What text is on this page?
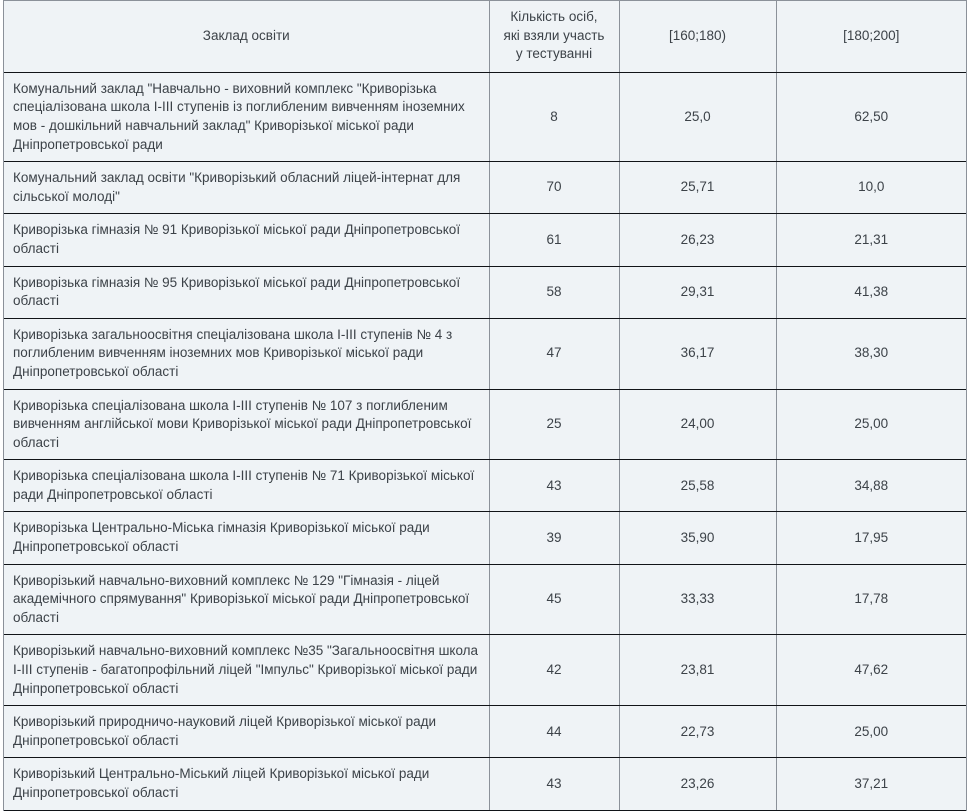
Заклад освіти	Кількість осіб,
які взяли участь
у тестуванні	[160;180)	[180;200]
Комунальний заклад "Навчально - виховний комплекс "Криворізька спеціалізована школа I-III ступенів із поглибленим вивченням іноземних мов - дошкільний навчальний заклад" Криворізької міської ради Дніпропетровської ради	8	25,0	62,50
Комунальний заклад освіти "Криворізький обласний ліцей-інтернат для сільської молоді"	70	25,71	10,0
Криворізька гімназія № 91 Криворізької міської ради Дніпропетровської області	61	26,23	21,31
Криворізька гімназія № 95 Криворізької міської ради Дніпропетровської області	58	29,31	41,38
Криворізька загальноосвітня спеціалізована школа I-III ступенів № 4 з поглибленим вивченням іноземних мов Криворізької міської ради Дніпропетровської області	47	36,17	38,30
Криворізька спеціалізована школа I-III ступенів № 107 з поглибленим вивченням англійської мови Криворізької міської ради Дніпропетровської області	25	24,00	25,00
Криворізька спеціалізована школа I-III ступенів № 71 Криворізької міської ради Дніпропетровської області	43	25,58	34,88
Криворізька Центрально-Міська гімназія Криворізької міської ради Дніпропетровської області	39	35,90	17,95
Криворізький навчально-виховний комплекс № 129 "Гімназія - ліцей академічного спрямування" Криворізької міської ради Дніпропетровської області	45	33,33	17,78
Криворізький навчально-виховний комплекс №35 "Загальноосвітня школа I-III ступенів - багатопрофільний ліцей "Імпульс" Криворізької міської ради Дніпропетровської області	42	23,81	47,62
Криворізький природничо-науковий ліцей Криворізької міської ради Дніпропетровської області	44	22,73	25,00
Криворізький Центрально-Міський ліцей Криворізької міської ради Дніпропетровської області	43	23,26	37,21
